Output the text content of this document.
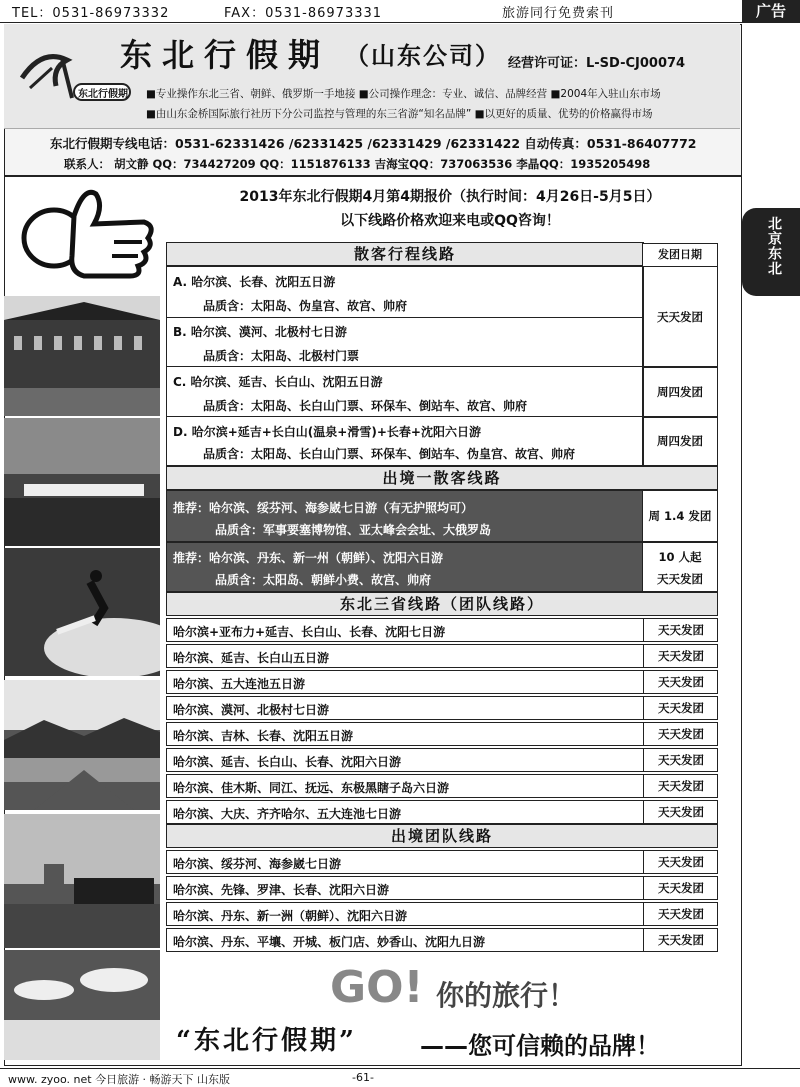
TEL：0531-86973332	FAX：0531-86973331	旅游同行免费索刊	广告
东北行假期
东北行假期 （山东公司） 经营许可证：L-SD-CJ00074
■专业操作东北三省、朝鲜、俄罗斯一手地接 ■公司操作理念：专业、诚信、品牌经营 ■2004年入驻山东市场
■由山东金桥国际旅行社历下分公司监控与管理的东三省游“知名品牌” ■以更好的质量、优势的价格赢得市场
东北行假期专线电话：0531-62331426 /62331425 /62331429 /62331422 自动传真：0531-86407772
联系人： 胡文静 QQ：734427209 QQ：1151876133 吉海宝QQ：737063536 李晶QQ：1935205498
北京东北
2013年东北行假期4月第4期报价（执行时间：4月26日-5月5日）
以下线路价格欢迎来电或QQ咨询！
散客行程线路	发团日期
A. 哈尔滨、长春、沈阳五日游
品质含：太阳岛、伪皇宫、故宫、帅府
B. 哈尔滨、漠河、北极村七日游
品质含：太阳岛、北极村门票
天天发团
C. 哈尔滨、延吉、长白山、沈阳五日游
品质含：太阳岛、长白山门票、环保车、倒站车、故宫、帅府
周四发团
D. 哈尔滨+延吉+长白山(温泉+滑雪)+长春+沈阳六日游
品质含：太阳岛、长白山门票、环保车、倒站车、伪皇宫、故宫、帅府
周四发团
出境一散客线路
推荐：哈尔滨、绥芬河、海参崴七日游（有无护照均可）
品质含：军事要塞博物馆、亚太峰会会址、大俄罗岛
周 1.4 发团
推荐：哈尔滨、丹东、新一州（朝鲜）、沈阳六日游
品质含：太阳岛、朝鲜小费、故宫、帅府
10 人起
天天发团
东北三省线路（团队线路）
哈尔滨+亚布力+延吉、长白山、长春、沈阳七日游	天天发团
哈尔滨、延吉、长白山五日游	天天发团
哈尔滨、五大连池五日游	天天发团
哈尔滨、漠河、北极村七日游	天天发团
哈尔滨、吉林、长春、沈阳五日游	天天发团
哈尔滨、延吉、长白山、长春、沈阳六日游	天天发团
哈尔滨、佳木斯、同江、抚远、东极黑瞎子岛六日游	天天发团
哈尔滨、大庆、齐齐哈尔、五大连池七日游	天天发团
出境团队线路
哈尔滨、绥芬河、海参崴七日游	天天发团
哈尔滨、先锋、罗津、长春、沈阳六日游	天天发团
哈尔滨、丹东、新一洲（朝鲜）、沈阳六日游	天天发团
哈尔滨、丹东、平壤、开城、板门店、妙香山、沈阳九日游	天天发团
GO! 你的旅行！
“东北行假期”	——您可信赖的品牌！
www. zyoo. net 今日旅游 · 畅游天下 山东版	-61-
